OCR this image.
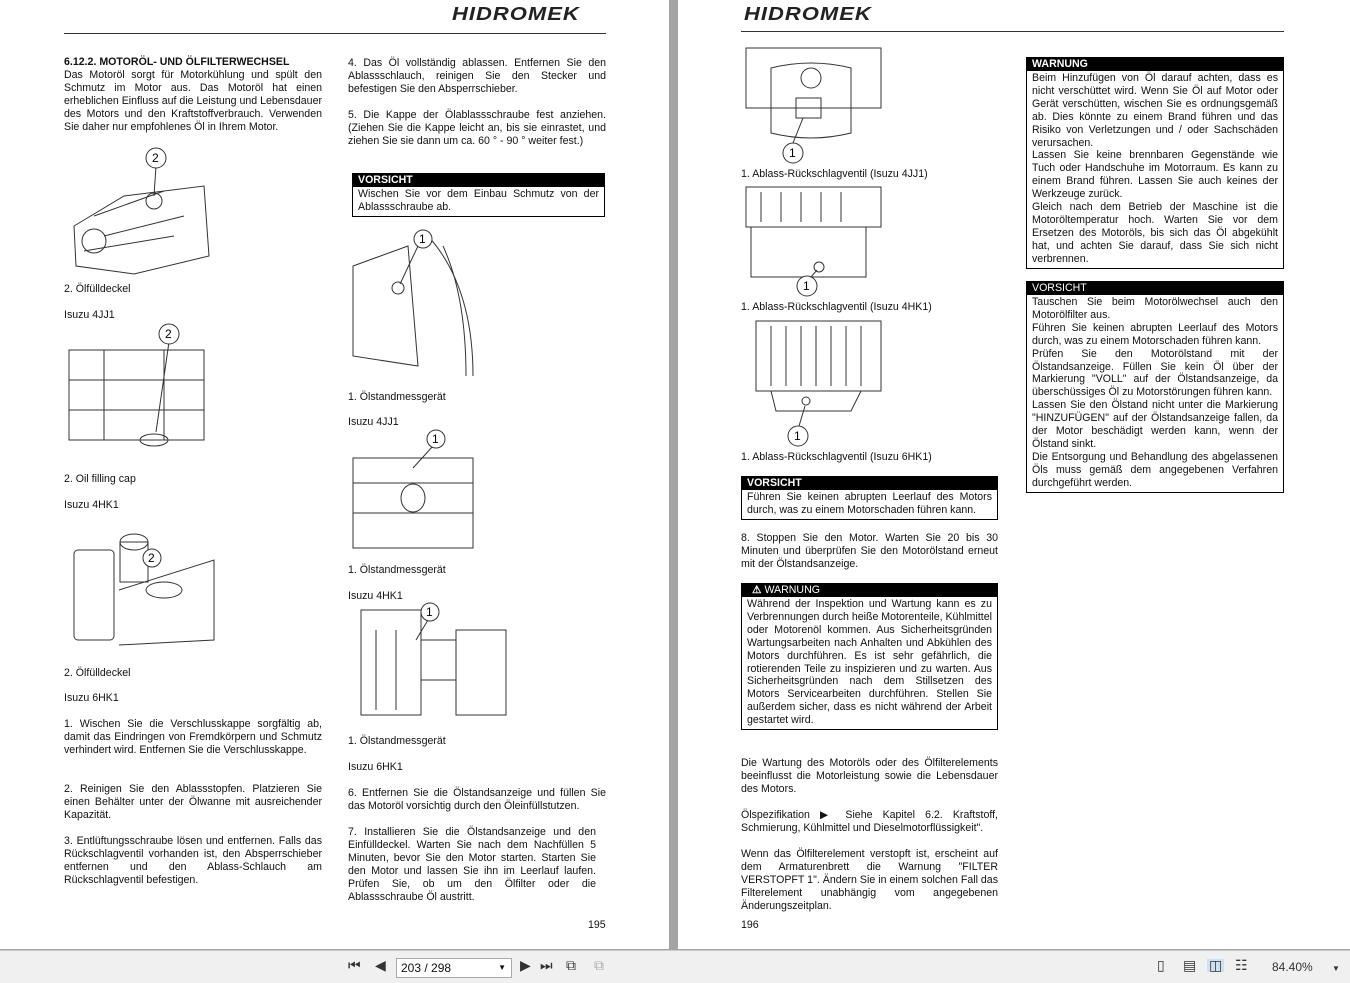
HIDROMEK
6.12.2. MOTORÖL- UND ÖLFILTERWECHSEL
Das Motoröl sorgt für Motorkühlung und spült den Schmutz im Motor aus. Das Motoröl hat einen erheblichen Einfluss auf die Leistung und Lebensdauer des Motors und den Kraftstoffverbrauch. Verwenden Sie daher nur empfohlenes Öl in Ihrem Motor.
2
2. Ölfülldeckel
Isuzu 4JJ1
2
2. Oil filling cap
Isuzu 4HK1
2
2. Ölfülldeckel
Isuzu 6HK1
1. Wischen Sie die Verschlusskappe sorgfältig ab, damit das Eindringen von Fremdkörpern und Schmutz verhindert wird. Entfernen Sie die Verschlusskappe.
2. Reinigen Sie den Ablassstopfen. Platzieren Sie einen Behälter unter der Ölwanne mit ausreichender Kapazität.
3. Entlüftungsschraube lösen und entfernen. Falls das Rückschlagventil vorhanden ist, den Absperrschieber entfernen und den Ablass-Schlauch am Rückschlagventil befestigen.
4. Das Öl vollständig ablassen. Entfernen Sie den Ablassschlauch, reinigen Sie den Stecker und befestigen Sie den Absperrschieber.
5. Die Kappe der Ölablassschraube fest anziehen. (Ziehen Sie die Kappe leicht an, bis sie einrastet, und ziehen Sie sie dann um ca. 60 ° - 90 ° weiter fest.)
VORSICHT
Wischen Sie vor dem Einbau Schmutz von der Ablassschraube ab.
1
1. Ölstandmessgerät
Isuzu 4JJ1
1
1. Ölstandmessgerät
Isuzu 4HK1
1
1. Ölstandmessgerät
Isuzu 6HK1
6. Entfernen Sie die Ölstandsanzeige und füllen Sie das Motoröl vorsichtig durch den Öleinfüllstutzen.
7. Installieren Sie die Ölstandsanzeige und den Einfülldeckel. Warten Sie nach dem Nachfüllen 5 Minuten, bevor Sie den Motor starten. Starten Sie den Motor und lassen Sie ihn im Leerlauf laufen. Prüfen Sie, ob um den Ölfilter oder die Ablassschraube Öl austritt.
195
HIDROMEK
1
1. Ablass-Rückschlagventil (Isuzu 4JJ1)
1
1. Ablass-Rückschlagventil (Isuzu 4HK1)
1
1. Ablass-Rückschlagventil (Isuzu 6HK1)
VORSICHT
Führen Sie keinen abrupten Leerlauf des Motors durch, was zu einem Motorschaden führen kann.
8. Stoppen Sie den Motor. Warten Sie 20 bis 30 Minuten und überprüfen Sie den Motorölstand erneut mit der Ölstandsanzeige.
⚠ WARNUNG
Während der Inspektion und Wartung kann es zu Verbrennungen durch heiße Motorenteile, Kühlmittel oder Motorenöl kommen. Aus Sicherheitsgründen Wartungsarbeiten nach Anhalten und Abkühlen des Motors durchführen. Es ist sehr gefährlich, die rotierenden Teile zu inspizieren und zu warten. Aus Sicherheitsgründen nach dem Stillsetzen des Motors Servicearbeiten durchführen. Stellen Sie außerdem sicher, dass es nicht während der Arbeit gestartet wird.
Die Wartung des Motoröls oder des Ölfilterelements beeinflusst die Motorleistung sowie die Lebensdauer des Motors.
Ölspezifikation ▶ Siehe Kapitel 6.2. Kraftstoff, Schmierung, Kühlmittel und Dieselmotorflüssigkeit".
Wenn das Ölfilterelement verstopft ist, erscheint auf dem Armaturenbrett die Warnung "FILTER VERSTOPFT 1". Ändern Sie in einem solchen Fall das Filterelement unabhängig vom angegebenen Änderungszeitplan.
196
WARNUNG
Beim Hinzufügen von Öl darauf achten, dass es nicht verschüttet wird. Wenn Sie Öl auf Motor oder Gerät verschütten, wischen Sie es ordnungsgemäß ab. Dies könnte zu einem Brand führen und das Risiko von Verletzungen und / oder Sachschäden verursachen.
Lassen Sie keine brennbaren Gegenstände wie Tuch oder Handschuhe im Motorraum. Es kann zu einem Brand führen. Lassen Sie auch keines der Werkzeuge zurück.
Gleich nach dem Betrieb der Maschine ist die Motoröltemperatur hoch. Warten Sie vor dem Ersetzen des Motoröls, bis sich das Öl abgekühlt hat, und achten Sie darauf, dass Sie sich nicht verbrennen.
VORSICHT
Tauschen Sie beim Motorölwechsel auch den Motorölfilter aus.
Führen Sie keinen abrupten Leerlauf des Motors durch, was zu einem Motorschaden führen kann.
Prüfen Sie den Motorölstand mit der Ölstandsanzeige. Füllen Sie kein Öl über der Markierung "VOLL" auf der Ölstandsanzeige, da überschüssiges Öl zu Motorstörungen führen kann.
Lassen Sie den Ölstand nicht unter die Markierung "HINZUFÜGEN" auf der Ölstandsanzeige fallen, da der Motor beschädigt werden kann, wenn der Ölstand sinkt.
Die Entsorgung und Behandlung des abgelassenen Öls muss gemäß dem angegebenen Verfahren durchgeführt werden.
⏮ ◀	203 / 298	▼ ▶ ⏭ ⧉ ⧉	▯ ▤ ◫ ☷ 84.40% ▼
